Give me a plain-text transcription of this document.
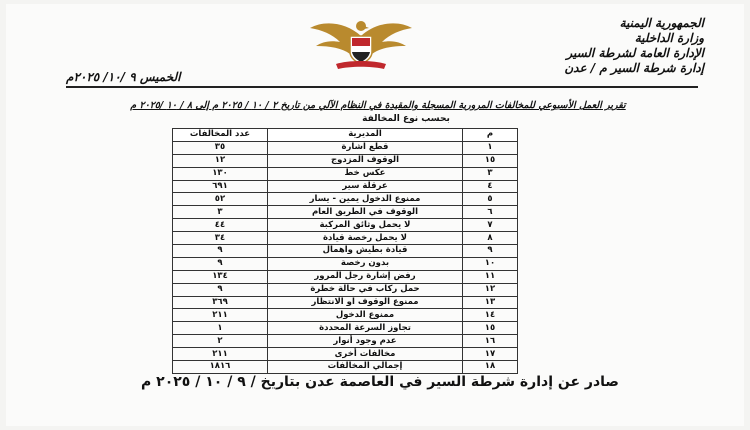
الجمهورية اليمنية
وزارة الداخلية
الإدارة العامة لشرطة السير
إدارة شرطة السير م / عدن
الخميس ٩ /١٠/ ٢٠٢٥م
تقرير العمل الأسبوعي للمخالفات المرورية المسجلة والمقيدة في النظام الآلي من تاريخ ٢ / ١٠ / ٢٠٢٥ م إلى ٨ / ١٠ /٢٠٢٥ م
بحسب نوع المخالفة
م	المديرية	عدد المخالفات
١	قطع اشارة	٣٥
١٥	الوقوف المزدوج	١٢
٣	عكس خط	١٣٠
٤	عرقلة سير	٦٩١
٥	ممنوع الدخول يمين - يسار	٥٢
٦	الوقوف في الطريق العام	٣
٧	لا يحمل وثائق المركبة	٤٤
٨	لا يحمل رخصة قيادة	٣٤
٩	قيادة بطيش واهمال	٩
١٠	بدون رخصة	٩
١١	رفض إشارة رجل المرور	١٣٤
١٢	حمل ركاب في حالة خطرة	٩
١٣	ممنوع الوقوف او الانتظار	٣٦٩
١٤	ممنوع الدخول	٢١١
١٥	تجاوز السرعة المحددة	١
١٦	عدم وجود أنوار	٢
١٧	مخالفات أخرى	٢١١
١٨	إجمالي المخالفات	١٨١٦
صادر عن إدارة شرطة السير في العاصمة عدن بتاريخ / ٩ / ١٠ / ٢٠٢٥ م
